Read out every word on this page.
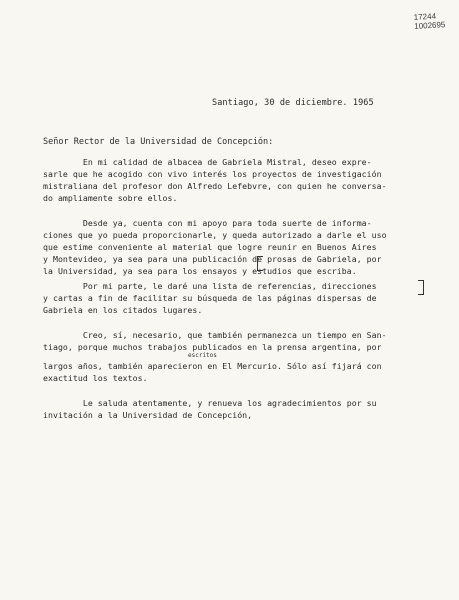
17244
1002695
Santiago, 30 de diciembre. 1965
Señor Rector de la Universidad de Concepción:
En mi calidad de albacea de Gabriela Mistral, deseo expre-
sarle que he acogido con vivo interés los proyectos de investigación
mistraliana del profesor don Alfredo Lefebvre, con quien he conversa-
do ampliamente sobre ellos.
Desde ya, cuenta con mi apoyo para toda suerte de informa-
ciones que yo pueda proporcionarle, y queda autorizado a darle el uso
que estime conveniente al material que logre reunir en Buenos Aires
y Montevideo, ya sea para una publicación de prosas de Gabriela, por
la Universidad, ya sea para los ensayos y estudios que escriba.
Por mi parte, le daré una lista de referencias, direcciones
y cartas a fin de facilitar su búsqueda de las páginas dispersas de
Gabriela en los citados lugares.
escritos
Creo, sí, necesario, que también permanezca un tiempo en San-
tiago, porque muchos trabajos publicados en la prensa argentina, por
largos años, también aparecieron en El Mercurio. Sólo así fijará con
exactitud los textos.
Le saluda atentamente, y renueva los agradecimientos por su
invitación a la Universidad de Concepción,
